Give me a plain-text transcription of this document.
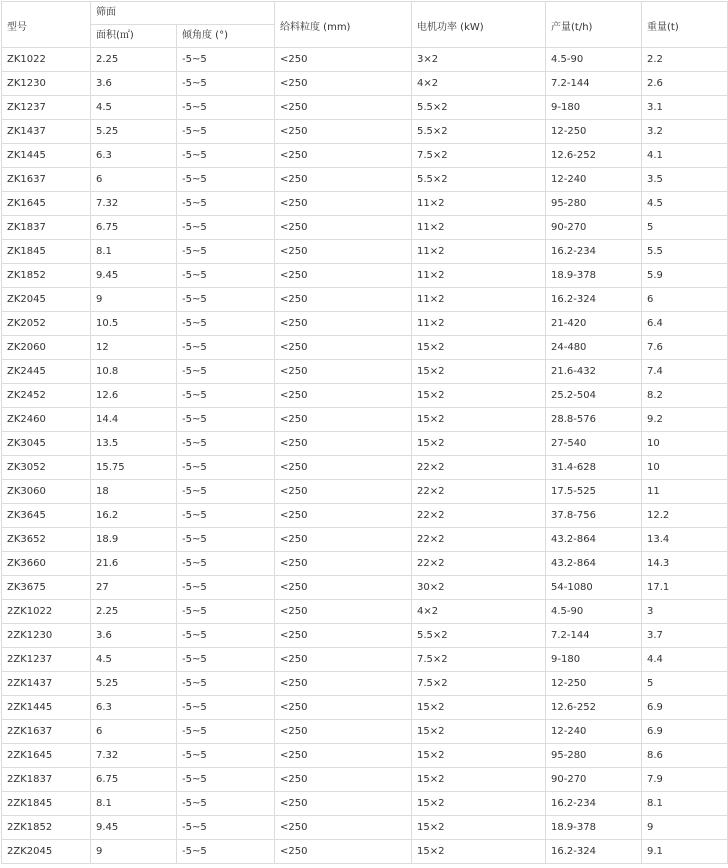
型号	筛面		给料粒度 (mm)	电机功率 (kW)	产量(t/h)	重量(t)
	面积(㎡)	倾角度 (°)				
ZK1022	2.25	-5~5	<250	3×2	4.5-90	2.2
ZK1230	3.6	-5~5	<250	4×2	7.2-144	2.6
ZK1237	4.5	-5~5	<250	5.5×2	9-180	3.1
ZK1437	5.25	-5~5	<250	5.5×2	12-250	3.2
ZK1445	6.3	-5~5	<250	7.5×2	12.6-252	4.1
ZK1637	6	-5~5	<250	5.5×2	12-240	3.5
ZK1645	7.32	-5~5	<250	11×2	95-280	4.5
ZK1837	6.75	-5~5	<250	11×2	90-270	5
ZK1845	8.1	-5~5	<250	11×2	16.2-234	5.5
ZK1852	9.45	-5~5	<250	11×2	18.9-378	5.9
ZK2045	9	-5~5	<250	11×2	16.2-324	6
ZK2052	10.5	-5~5	<250	11×2	21-420	6.4
ZK2060	12	-5~5	<250	15×2	24-480	7.6
ZK2445	10.8	-5~5	<250	15×2	21.6-432	7.4
ZK2452	12.6	-5~5	<250	15×2	25.2-504	8.2
ZK2460	14.4	-5~5	<250	15×2	28.8-576	9.2
ZK3045	13.5	-5~5	<250	15×2	27-540	10
ZK3052	15.75	-5~5	<250	22×2	31.4-628	10
ZK3060	18	-5~5	<250	22×2	17.5-525	11
ZK3645	16.2	-5~5	<250	22×2	37.8-756	12.2
ZK3652	18.9	-5~5	<250	22×2	43.2-864	13.4
ZK3660	21.6	-5~5	<250	22×2	43.2-864	14.3
ZK3675	27	-5~5	<250	30×2	54-1080	17.1
2ZK1022	2.25	-5~5	<250	4×2	4.5-90	3
2ZK1230	3.6	-5~5	<250	5.5×2	7.2-144	3.7
2ZK1237	4.5	-5~5	<250	7.5×2	9-180	4.4
2ZK1437	5.25	-5~5	<250	7.5×2	12-250	5
2ZK1445	6.3	-5~5	<250	15×2	12.6-252	6.9
2ZK1637	6	-5~5	<250	15×2	12-240	6.9
2ZK1645	7.32	-5~5	<250	15×2	95-280	8.6
2ZK1837	6.75	-5~5	<250	15×2	90-270	7.9
2ZK1845	8.1	-5~5	<250	15×2	16.2-234	8.1
2ZK1852	9.45	-5~5	<250	15×2	18.9-378	9
2ZK2045	9	-5~5	<250	15×2	16.2-324	9.1
